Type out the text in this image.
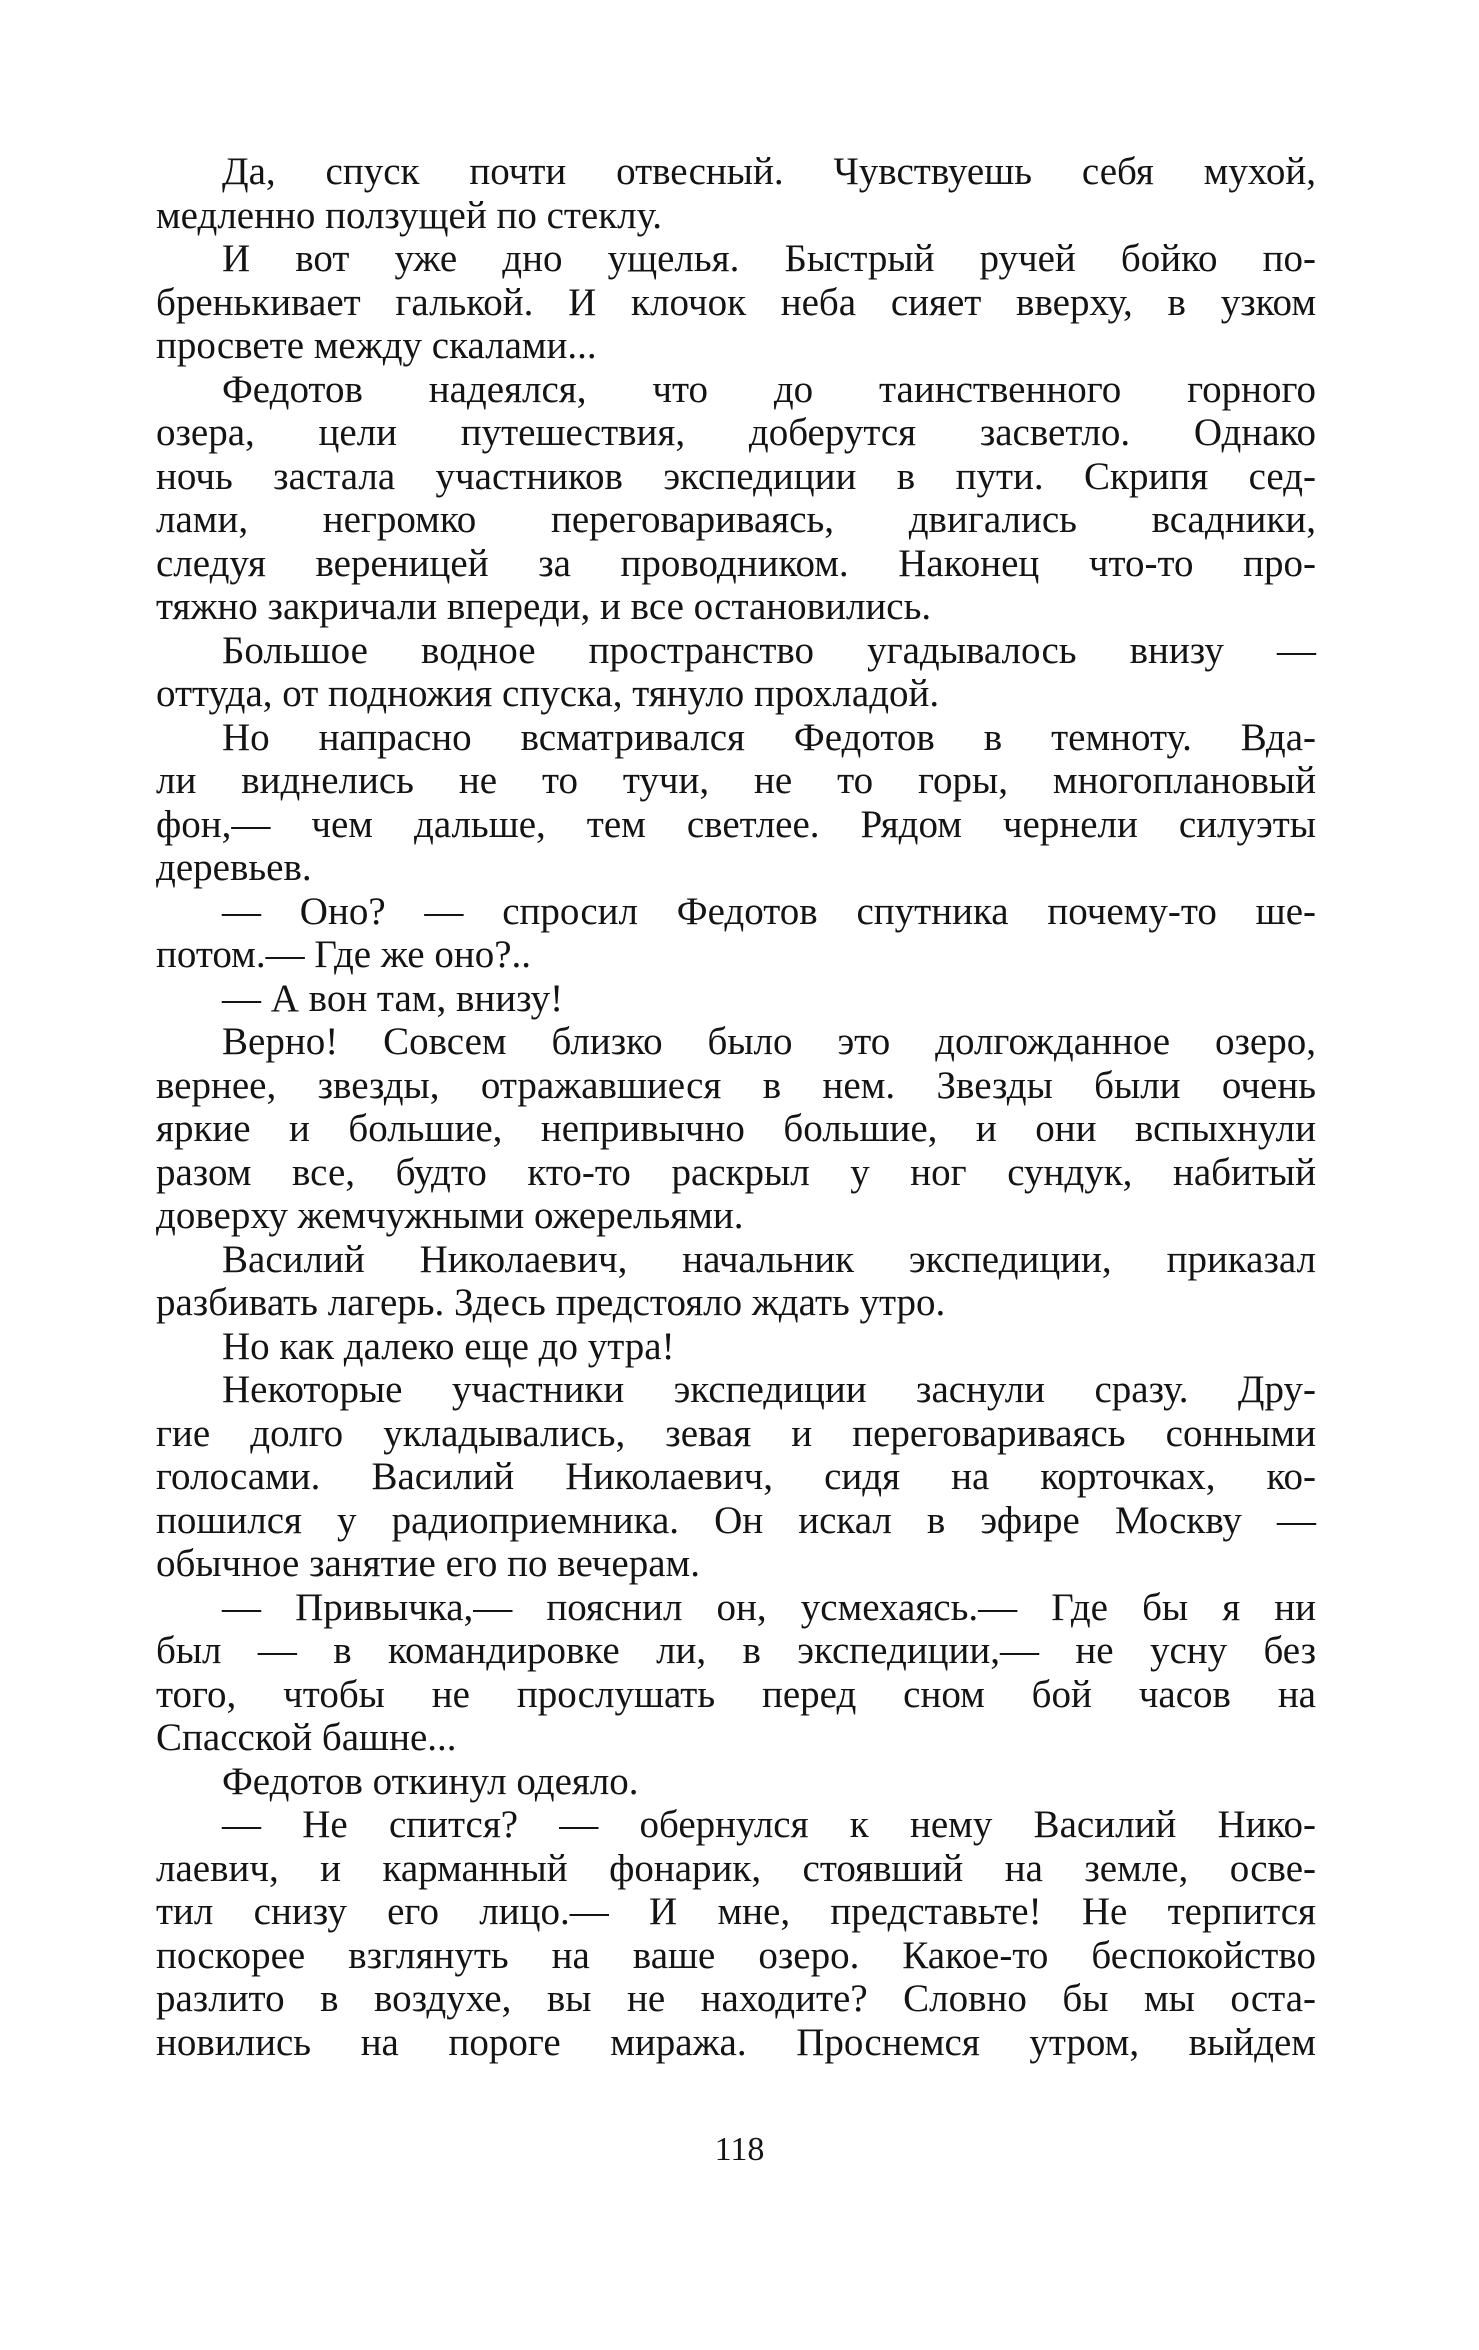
Да, спуск почти отвесный. Чувствуешь себя мухой,
медленно ползущей по стеклу.
И вот уже дно ущелья. Быстрый ручей бойко по-
бренькивает галькой. И клочок неба сияет вверху, в узком
просвете между скалами...
Федотов надеялся, что до таинственного горного
озера, цели путешествия, доберутся засветло. Однако
ночь застала участников экспедиции в пути. Скрипя сед-
лами, негромко переговариваясь, двигались всадники,
следуя вереницей за проводником. Наконец что-то про-
тяжно закричали впереди, и все остановились.
Большое водное пространство угадывалось внизу —
оттуда, от подножия спуска, тянуло прохладой.
Но напрасно всматривался Федотов в темноту. Вда-
ли виднелись не то тучи, не то горы, многоплановый
фон,— чем дальше, тем светлее. Рядом чернели силуэты
деревьев.
— Оно? — спросил Федотов спутника почему-то ше-
потом.— Где же оно?..
— А вон там, внизу!
Верно! Совсем близко было это долгожданное озеро,
вернее, звезды, отражавшиеся в нем. Звезды были очень
яркие и большие, непривычно большие, и они вспыхнули
разом все, будто кто-то раскрыл у ног сундук, набитый
доверху жемчужными ожерельями.
Василий Николаевич, начальник экспедиции, приказал
разбивать лагерь. Здесь предстояло ждать утро.
Но как далеко еще до утра!
Некоторые участники экспедиции заснули сразу. Дру-
гие долго укладывались, зевая и переговариваясь сонными
голосами. Василий Николаевич, сидя на корточках, ко-
пошился у радиоприемника. Он искал в эфире Москву —
обычное занятие его по вечерам.
— Привычка,— пояснил он, усмехаясь.— Где бы я ни
был — в командировке ли, в экспедиции,— не усну без
того, чтобы не прослушать перед сном бой часов на
Спасской башне...
Федотов откинул одеяло.
— Не спится? — обернулся к нему Василий Нико-
лаевич, и карманный фонарик, стоявший на земле, осве-
тил снизу его лицо.— И мне, представьте! Не терпится
поскорее взглянуть на ваше озеро. Какое-то беспокойство
разлито в воздухе, вы не находите? Словно бы мы оста-
новились на пороге миража. Проснемся утром, выйдем
118
